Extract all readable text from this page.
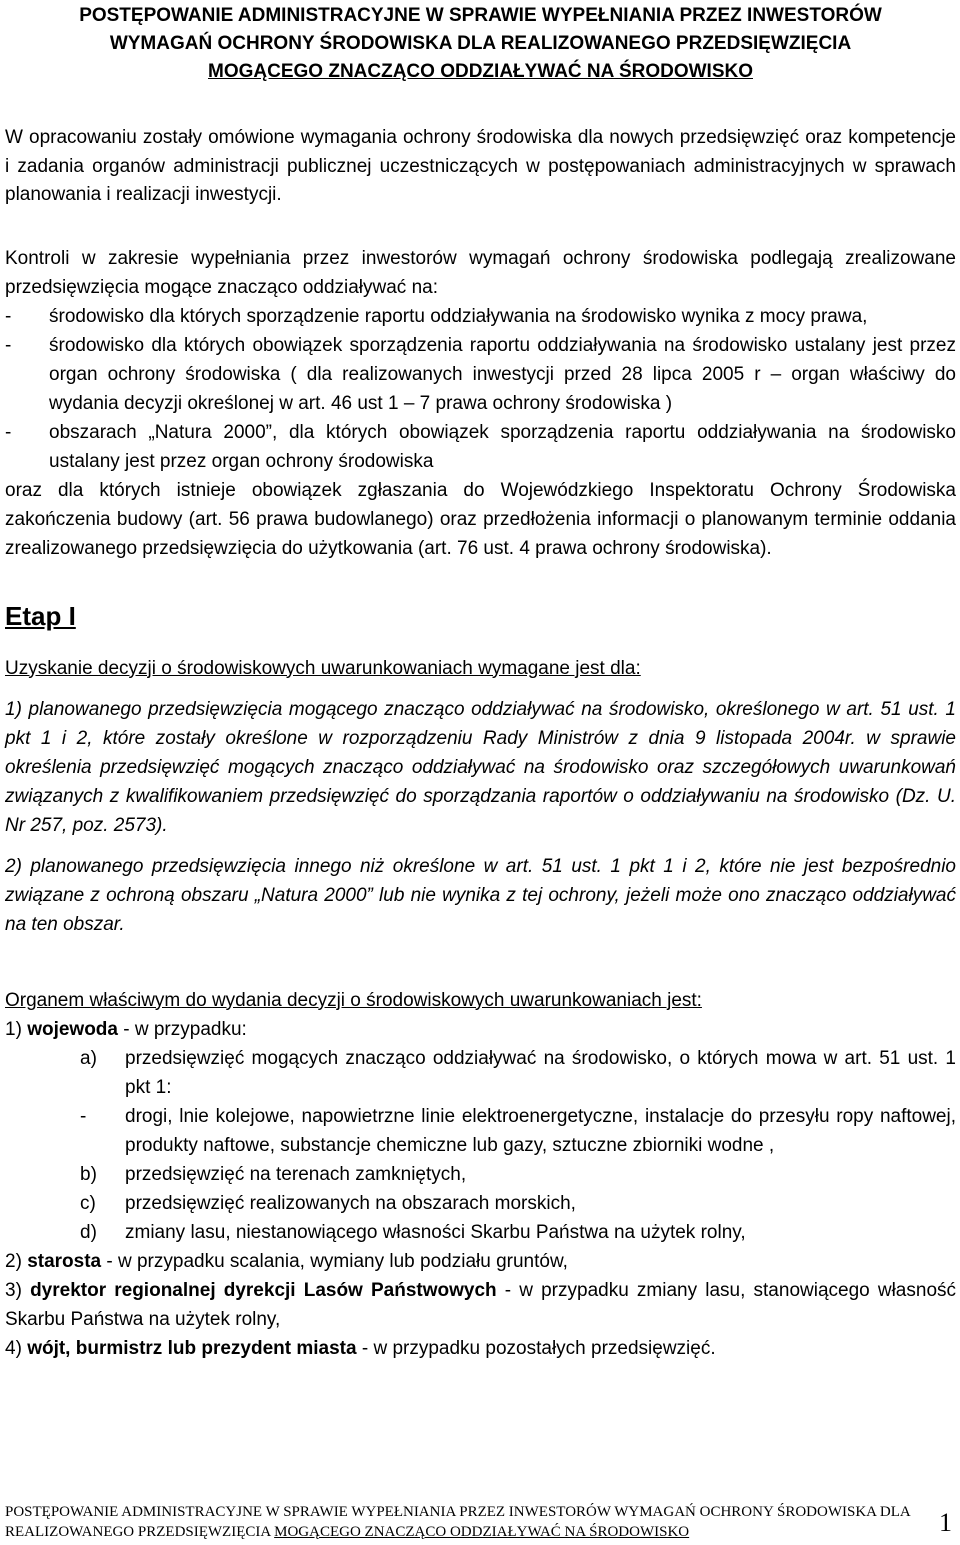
POSTĘPOWANIE ADMINISTRACYJNE W SPRAWIE WYPEŁNIANIA PRZEZ INWESTORÓW
WYMAGAŃ OCHRONY ŚRODOWISKA DLA REALIZOWANEGO PRZEDSIĘWZIĘCIA
MOGĄCEGO ZNACZĄCO ODDZIAŁYWAĆ NA ŚRODOWISKO
W opracowaniu zostały omówione wymagania ochrony środowiska dla nowych przedsięwzięć oraz kompetencje i zadania organów administracji publicznej uczestniczących w postępowaniach administracyjnych w sprawach planowania i realizacji inwestycji.
Kontroli w zakresie wypełniania przez inwestorów wymagań ochrony środowiska podlegają zrealizowane przedsięwzięcia mogące znacząco oddziaływać na:
-	środowisko dla których sporządzenie raportu oddziaływania na środowisko wynika z mocy prawa,
-	środowisko dla których obowiązek sporządzenia raportu oddziaływania na środowisko ustalany jest przez organ ochrony środowiska ( dla realizowanych inwestycji przed 28 lipca 2005 r – organ właściwy do wydania decyzji określonej w art. 46 ust 1 – 7 prawa ochrony środowiska )
-	obszarach „Natura 2000”, dla których obowiązek sporządzenia raportu oddziaływania na środowisko ustalany jest przez organ ochrony środowiska
oraz dla których istnieje obowiązek zgłaszania do Wojewódzkiego Inspektoratu Ochrony Środowiska zakończenia budowy (art. 56 prawa budowlanego) oraz przedłożenia informacji o planowanym terminie oddania zrealizowanego przedsięwzięcia do użytkowania (art. 76 ust. 4 prawa ochrony środowiska).
Etap I
Uzyskanie decyzji o środowiskowych uwarunkowaniach wymagane jest dla:
1) planowanego przedsięwzięcia mogącego znacząco oddziaływać na środowisko, określonego w art. 51 ust. 1 pkt 1 i 2, które zostały określone w rozporządzeniu Rady Ministrów z dnia 9 listopada 2004r. w sprawie określenia przedsięwzięć mogących znacząco oddziaływać na środowisko oraz szczegółowych uwarunkowań związanych z kwalifikowaniem przedsięwzięć do sporządzania raportów o oddziaływaniu na środowisko (Dz. U. Nr 257, poz. 2573).
2) planowanego przedsięwzięcia innego niż określone w art. 51 ust. 1 pkt 1 i 2, które nie jest bezpośrednio związane z ochroną obszaru „Natura 2000” lub nie wynika z tej ochrony, jeżeli może ono znacząco oddziaływać na ten obszar.
Organem właściwym do wydania decyzji o środowiskowych uwarunkowaniach jest:
1) wojewoda - w przypadku:
a)	przedsięwzięć mogących znacząco oddziaływać na środowisko, o których mowa w art. 51 ust. 1 pkt 1:
-	drogi, lnie kolejowe, napowietrzne linie elektroenergetyczne, instalacje do przesyłu ropy naftowej, produkty naftowe, substancje chemiczne lub gazy, sztuczne zbiorniki wodne ,
b)	przedsięwzięć na terenach zamkniętych,
c)	przedsięwzięć realizowanych na obszarach morskich,
d)	zmiany lasu, niestanowiącego własności Skarbu Państwa na użytek rolny,
2) starosta - w przypadku scalania, wymiany lub podziału gruntów,
3) dyrektor regionalnej dyrekcji Lasów Państwowych - w przypadku zmiany lasu, stanowiącego własność Skarbu Państwa na użytek rolny,
4) wójt, burmistrz lub prezydent miasta - w przypadku pozostałych przedsięwzięć.
POSTĘPOWANIE ADMINISTRACYJNE W SPRAWIE WYPEŁNIANIA PRZEZ INWESTORÓW WYMAGAŃ OCHRONY ŚRODOWISKA DLA
REALIZOWANEGO PRZEDSIĘWZIĘCIA MOGĄCEGO ZNACZĄCO ODDZIAŁYWAĆ NA ŚRODOWISKO	1
